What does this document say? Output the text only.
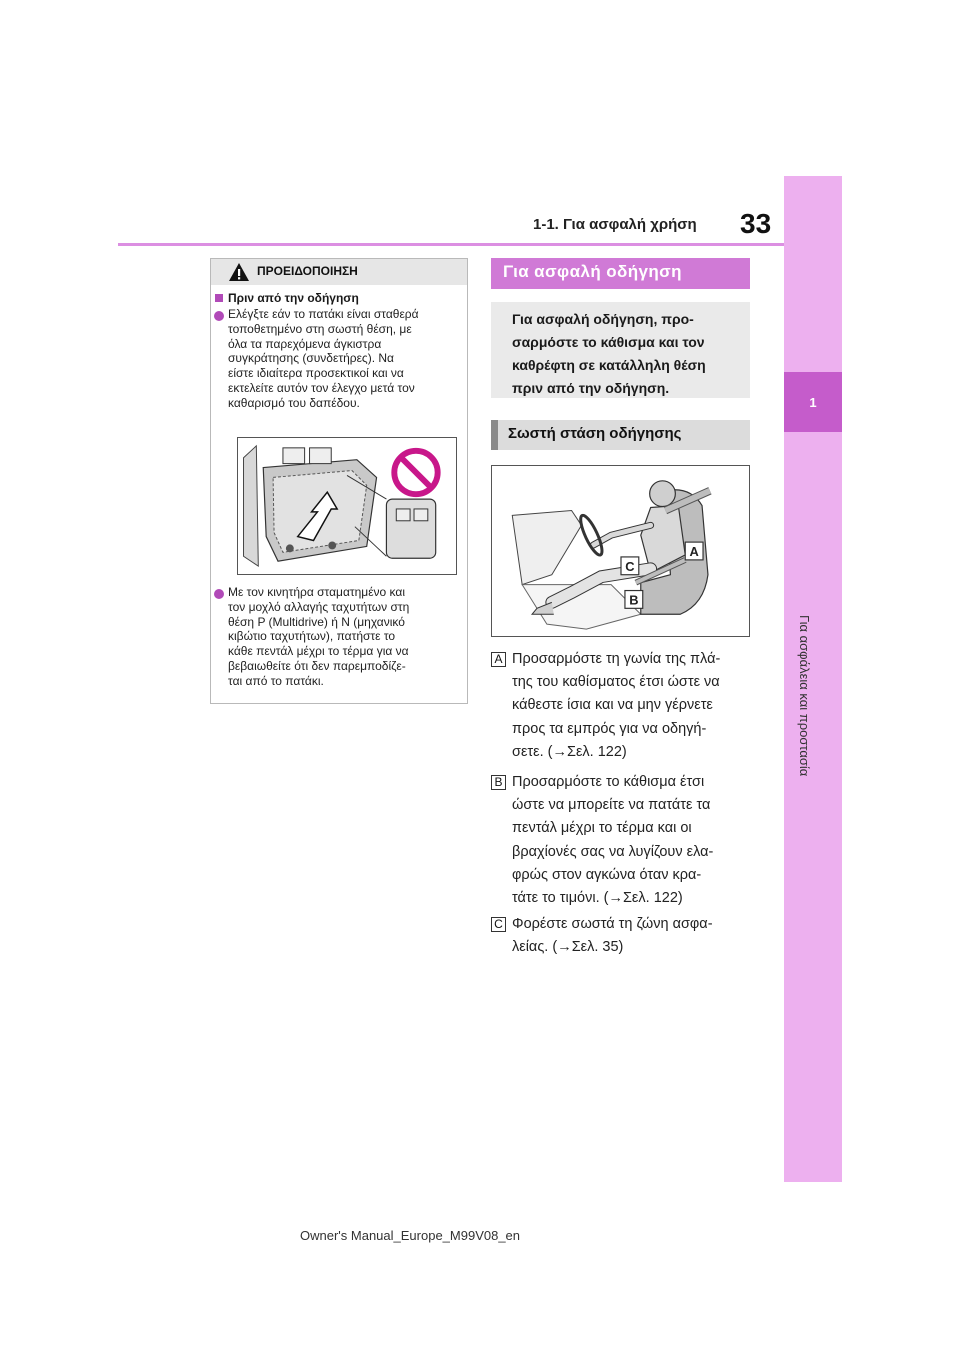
1-1. Για ασφαλή χρήση 33
1
Για ασφάλεια και προστασία
ΠΡΟΕΙΔΟΠΟΙΗΣΗ
Πριν από την οδήγηση
Ελέγξτε εάν το πατάκι είναι σταθερά
τοποθετημένο στη σωστή θέση, με
όλα τα παρεχόμενα άγκιστρα
συγκράτησης (συνδετήρες). Να
είστε ιδιαίτερα προσεκτικοί και να
εκτελείτε αυτόν τον έλεγχο μετά τον
καθαρισμό του δαπέδου.
Με τον κινητήρα σταματημένο και
τον μοχλό αλλαγής ταχυτήτων στη
θέση P (Multidrive) ή N (μηχανικό
κιβώτιο ταχυτήτων), πατήστε το
κάθε πεντάλ μέχρι το τέρμα για να
βεβαιωθείτε ότι δεν παρεμποδίζε-
ται από το πατάκι.
Για ασφαλή οδήγηση
Για ασφαλή οδήγηση, προ-
σαρμόστε το κάθισμα και τον
καθρέφτη σε κατάλληλη θέση
πριν από την οδήγηση.
Σωστή στάση οδήγησης
A
B
C
A Προσαρμόστε τη γωνία της πλά-
της του καθίσματος έτσι ώστε να
κάθεστε ίσια και να μην γέρνετε
προς τα εμπρός για να οδηγή-
σετε. (→Σελ. 122)
B Προσαρμόστε το κάθισμα έτσι
ώστε να μπορείτε να πατάτε τα
πεντάλ μέχρι το τέρμα και οι
βραχίονές σας να λυγίζουν ελα-
φρώς στον αγκώνα όταν κρα-
τάτε το τιμόνι. (→Σελ. 122)
C Φορέστε σωστά τη ζώνη ασφα-
λείας. (→Σελ. 35)
Owner's Manual_Europe_M99V08_en
